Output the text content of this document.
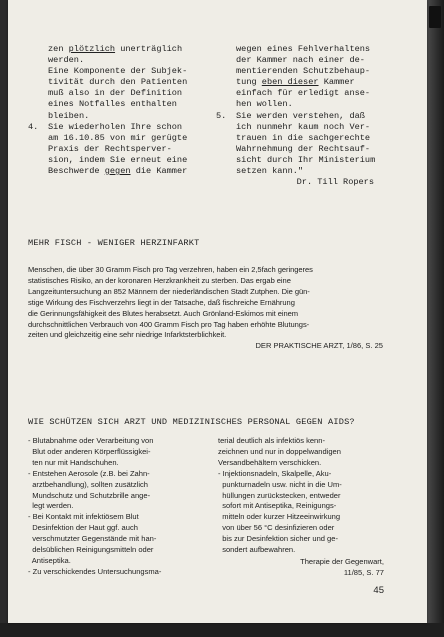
zen plötzlich unerträglich

werden.

Eine Komponente der Subjek-

tivität durch den Patienten

muß also in der Definition

eines Notfalles enthalten

bleiben.

4.	Sie wiederholen Ihre schon

am 16.10.85 von mir gerügte

Praxis der Rechtsperver-

sion, indem Sie erneut eine

Beschwerde gegen die Kammer

wegen eines Fehlverhaltens

der Kammer nach einer de-

mentierenden Schutzbehaup-

tung eben dieser Kammer

einfach für erledigt anse-

hen wollen.

5.	Sie werden verstehen, daß

ich nunmehr kaum noch Ver-

trauen in die sachgerechte

Wahrnehmung der Rechtsauf-

sicht durch Ihr Ministerium

setzen kann."

Dr. Till Ropers
MEHR FISCH - WENIGER HERZINFARKT

Menschen, die über 30 Gramm Fisch pro Tag verzehren, haben ein 2,5fach geringeres

statistisches Risiko, an der koronaren Herzkrankheit zu sterben. Das ergab eine

Langzeituntersuchung an 852 Männern der niederländischen Stadt Zutphen. Die gün-

stige Wirkung des Fischverzehrs liegt in der Tatsache, daß fischreiche Ernährung

die Gerinnungsfähigkeit des Blutes herabsetzt. Auch Grönland-Eskimos mit einem

durchschnittlichen Verbrauch von 400 Gramm Fisch pro Tag haben erhöhte Blutungs-

zeiten und gleichzeitig eine sehr niedrige Infarktsterblichkeit.

DER PRAKTISCHE ARZT, 1/86, S. 25
WIE SCHÜTZEN SICH ARZT UND MEDIZINISCHES PERSONAL GEGEN AIDS?

- Blutabnahme oder Verarbeitung von

Blut oder anderen Körperflüssigkei-

ten nur mit Handschuhen.

- Entstehen Aerosole (z.B. bei Zahn-

arztbehandlung), sollten zusätzlich

Mundschutz und Schutzbrille ange-

legt werden.

- Bei Kontakt mit infektiösem Blut

Desinfektion der Haut ggf. auch

verschmutzter Gegenstände mit han-

delsüblichen Reinigungsmitteln oder

Antiseptika.

- Zu verschickendes Untersuchungsma-

terial deutlich als infektiös kenn-

zeichnen und nur in doppelwandigen

Versandbehältern verschicken.

- Injektionsnadeln, Skalpelle, Aku-

punkturnadeln usw. nicht in die Um-

hüllungen zurückstecken, entweder

sofort mit Antiseptika, Reinigungs-

mitteln oder kurzer Hitzeeinwirkung

von über 56 °C desinfizieren oder

bis zur Desinfektion sicher und ge-

sondert aufbewahren.

Therapie der Gegenwart,

11/85, S. 77

45
